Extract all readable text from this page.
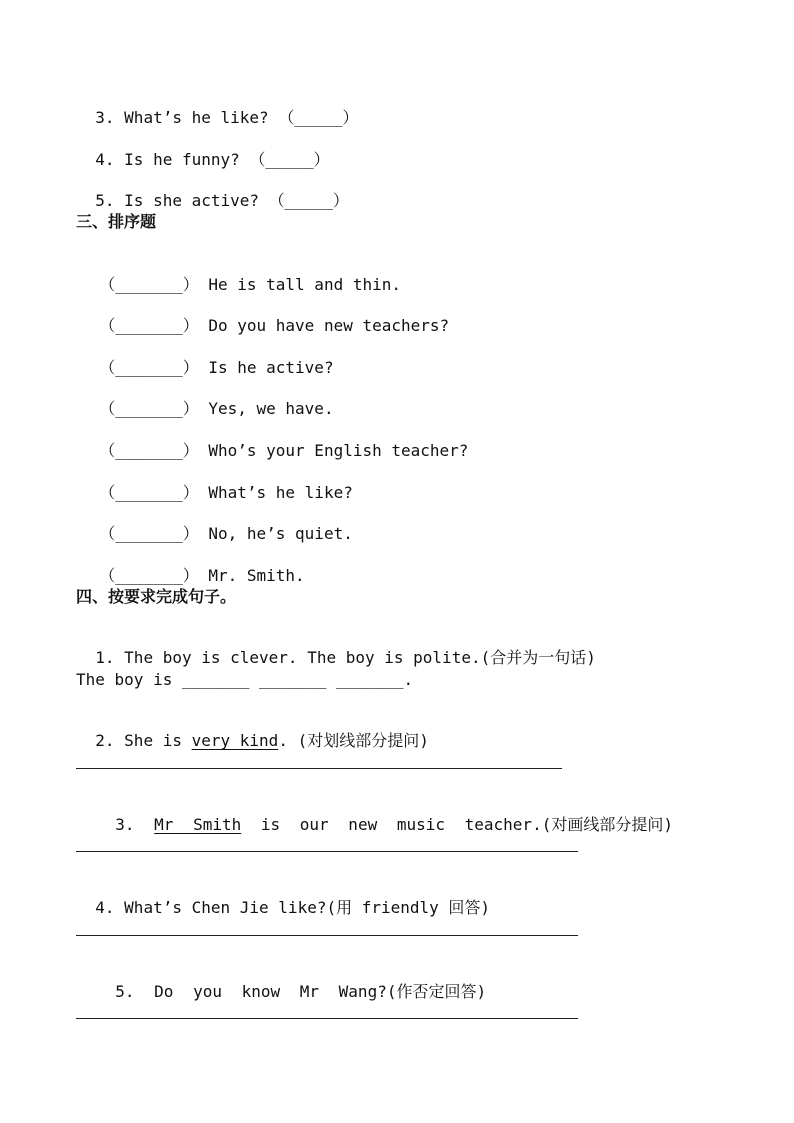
3. What’s he like? （_____）

4. Is he funny? （_____）

5. Is she active? （_____）

三、排序题

（_______） He is tall and thin.

（_______） Do you have new teachers?

（_______） Is he active?

（_______） Yes, we have.

（_______） Who’s your English teacher?

（_______） What’s he like?

（_______） No, he’s quiet.

（_______） Mr. Smith.

四、按要求完成句子。

1. The boy is clever. The boy is polite.(合并为一句话)

The boy is _______ _______ _______.

2. She is very kind. (对划线部分提问)

3. Mr Smith is our new music teacher.(对画线部分提问)

4. What’s Chen Jie like?(用 friendly 回答)

5. Do you know Mr Wang?(作否定回答)
